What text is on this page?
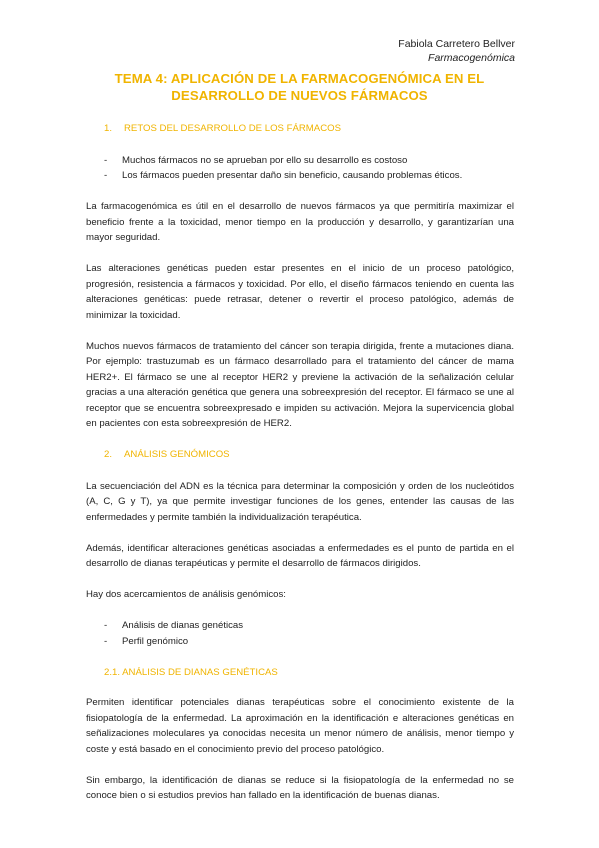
Fabiola Carretero Bellver
Farmacogenómica
TEMA 4: APLICACIÓN DE LA FARMACOGENÓMICA EN EL
DESARROLLO DE NUEVOS FÁRMACOS
1. RETOS DEL DESARROLLO DE LOS FÁRMACOS
- Muchos fármacos no se aprueban por ello su desarrollo es costoso
- Los fármacos pueden presentar daño sin beneficio, causando problemas éticos.
La farmacogenómica es útil en el desarrollo de nuevos fármacos ya que permitiría maximizar el beneficio frente a la toxicidad, menor tiempo en la producción y desarrollo, y garantizarían una mayor seguridad.
Las alteraciones genéticas pueden estar presentes en el inicio de un proceso patológico, progresión, resistencia a fármacos y toxicidad. Por ello, el diseño fármacos teniendo en cuenta las alteraciones genéticas: puede retrasar, detener o revertir el proceso patológico, además de minimizar la toxicidad.
Muchos nuevos fármacos de tratamiento del cáncer son terapia dirigida, frente a mutaciones diana. Por ejemplo: trastuzumab es un fármaco desarrollado para el tratamiento del cáncer de mama HER2+. El fármaco se une al receptor HER2 y previene la activación de la señalización celular gracias a una alteración genética que genera una sobreexpresión del receptor. El fármaco se une al receptor que se encuentra sobreexpresado e impiden su activación. Mejora la supervicencia global en pacientes con esta sobreexpresión de HER2.
2. ANÁLISIS GENÓMICOS
La secuenciación del ADN es la técnica para determinar la composición y orden de los nucleótidos (A, C, G y T), ya que permite investigar funciones de los genes, entender las causas de las enfermedades y permite también la individualización terapéutica.
Además, identificar alteraciones genéticas asociadas a enfermedades es el punto de partida en el desarrollo de dianas terapéuticas y permite el desarrollo de fármacos dirigidos.
Hay dos acercamientos de análisis genómicos:
- Análisis de dianas genéticas
- Perfil genómico
2.1. ANÁLISIS DE DIANAS GENÉTICAS
Permiten identificar potenciales dianas terapéuticas sobre el conocimiento existente de la fisiopatología de la enfermedad. La aproximación en la identificación e alteraciones genéticas en señalizaciones moleculares ya conocidas necesita un menor número de análisis, menor tiempo y coste y está basado en el conocimiento previo del proceso patológico.
Sin embargo, la identificación de dianas se reduce si la fisiopatología de la enfermedad no se conoce bien o si estudios previos han fallado en la identificación de buenas dianas.
